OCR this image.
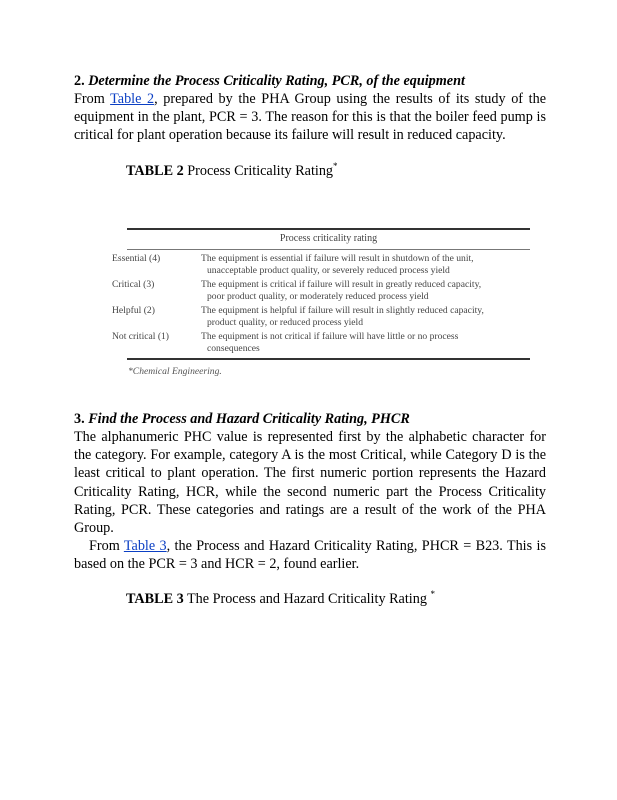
2. Determine the Process Criticality Rating, PCR, of the equipment

From Table 2, prepared by the PHA Group using the results of its study of the equipment in the plant, PCR = 3. The reason for this is that the boiler feed pump is critical for plant operation because its failure will result in reduced capacity.

TABLE 2 Process Criticality Rating*

Process criticality rating
Essential (4)	The equipment is essential if failure will result in shutdown of the unit,
unacceptable product quality, or severely reduced process yield
Critical (3)	The equipment is critical if failure will result in greatly reduced capacity,
poor product quality, or moderately reduced process yield
Helpful (2)	The equipment is helpful if failure will result in slightly reduced capacity,
product quality, or reduced process yield
Not critical (1)	The equipment is not critical if failure will have little or no process
consequences
*Chemical Engineering.

3. Find the Process and Hazard Criticality Rating, PHCR

The alphanumeric PHC value is represented first by the alphabetic character for the category. For example, category A is the most Critical, while Category D is the least critical to plant operation. The first numeric portion represents the Hazard Criticality Rating, HCR, while the second numeric part the Process Criticality Rating, PCR. These categories and ratings are a result of the work of the PHA Group.

From Table 3, the Process and Hazard Criticality Rating, PHCR = B23. This is based on the PCR = 3 and HCR = 2, found earlier.

TABLE 3 The Process and Hazard Criticality Rating *
